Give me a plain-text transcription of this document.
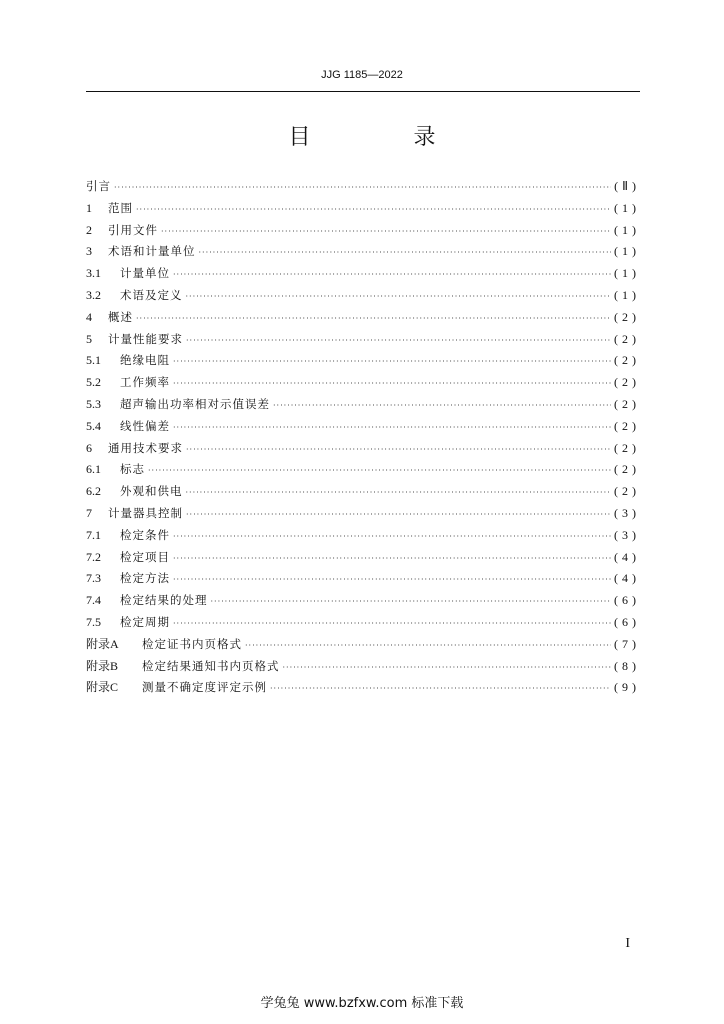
JJG 1185—2022
目 录
引言 ·····	(Ⅱ)
1	范围 ·····	(1)
2	引用文件 ·····	(1)
3	术语和计量单位 ·····	(1)
3.1	计量单位 ·····	(1)
3.2	术语及定义 ·····	(1)
4	概述 ·····	(2)
5	计量性能要求 ·····	(2)
5.1	绝缘电阻 ·····	(2)
5.2	工作频率 ·····	(2)
5.3	超声输出功率相对示值误差 ·····	(2)
5.4	线性偏差 ·····	(2)
6	通用技术要求 ·····	(2)
6.1	标志 ·····	(2)
6.2	外观和供电 ·····	(2)
7	计量器具控制 ·····	(3)
7.1	检定条件 ·····	(3)
7.2	检定项目 ·····	(4)
7.3	检定方法 ·····	(4)
7.4	检定结果的处理 ·····	(6)
7.5	检定周期 ·····	(6)
附录A	检定证书内页格式 ·····	(7)
附录B	检定结果通知书内页格式 ·····	(8)
附录C	测量不确定度评定示例 ·····	(9)
I
学兔兔 www.bzfxw.com 标准下载
